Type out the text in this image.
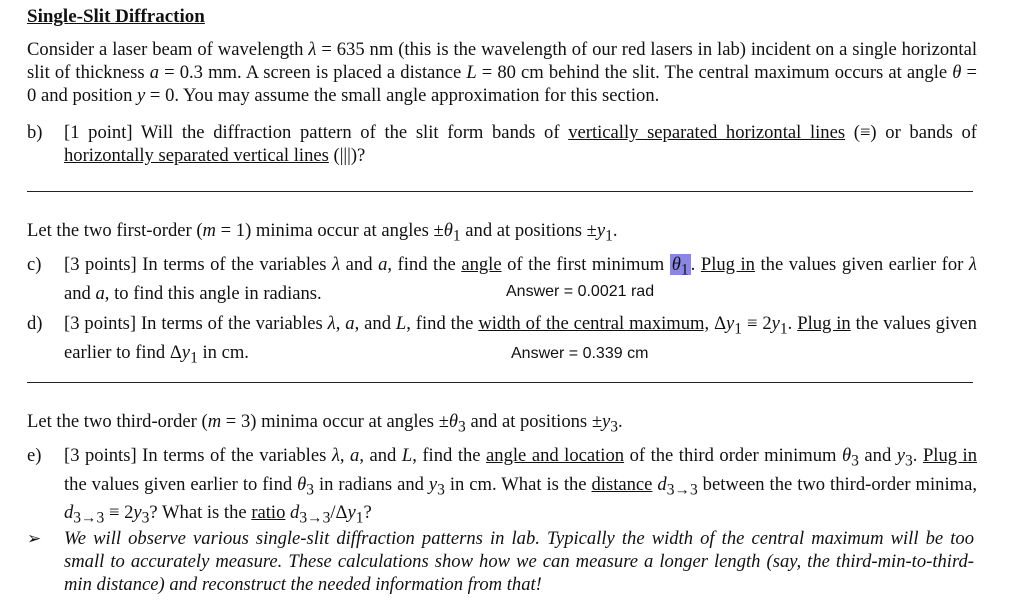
Single-Slit Diffraction
Consider a laser beam of wavelength λ = 635 nm (this is the wavelength of our red lasers in lab) incident on a single horizontal slit of thickness a = 0.3 mm. A screen is placed a distance L = 80 cm behind the slit. The central maximum occurs at angle θ = 0 and position y = 0. You may assume the small angle approximation for this section.
b) [1 point] Will the diffraction pattern of the slit form bands of vertically separated horizontal lines (≡) or bands of horizontally separated vertical lines (|||)?
Let the two first-order (m = 1) minima occur at angles $\pm\theta_1$ and at positions $\pm y_1$.
c) [3 points] In terms of the variables λ and a, find the angle of the first minimum $\theta_1$ . Plug in the values given earlier for λ and a, to find this angle in radians.	Answer = 0.0021 rad
d) [3 points] In terms of the variables λ, a, and L, find the width of the central maximum, $\Delta y_1 \equiv 2y_1$. Plug in the values given earlier to find $\Delta y_1$ in cm.	Answer = 0.339 cm
Let the two third-order (m = 3) minima occur at angles $\pm\theta_3$ and at positions $\pm y_3$.
e) [3 points] In terms of the variables λ, a, and L, find the angle and location of the third order minimum $\theta_3$ and $y_3$. Plug in the values given earlier to find $\theta_3$ in radians and $y_3$ in cm. What is the distance $d_{3\to 3}$ between the two third-order minima, $d_{3\to 3} \equiv 2y_3$? What is the ratio $d_{3\to 3}/\Delta y_1$?
➢ We will observe various single-slit diffraction patterns in lab. Typically the width of the central maximum will be too small to accurately measure. These calculations show how we can measure a longer length (say, the third-min-to-third-min distance) and reconstruct the needed information from that!
